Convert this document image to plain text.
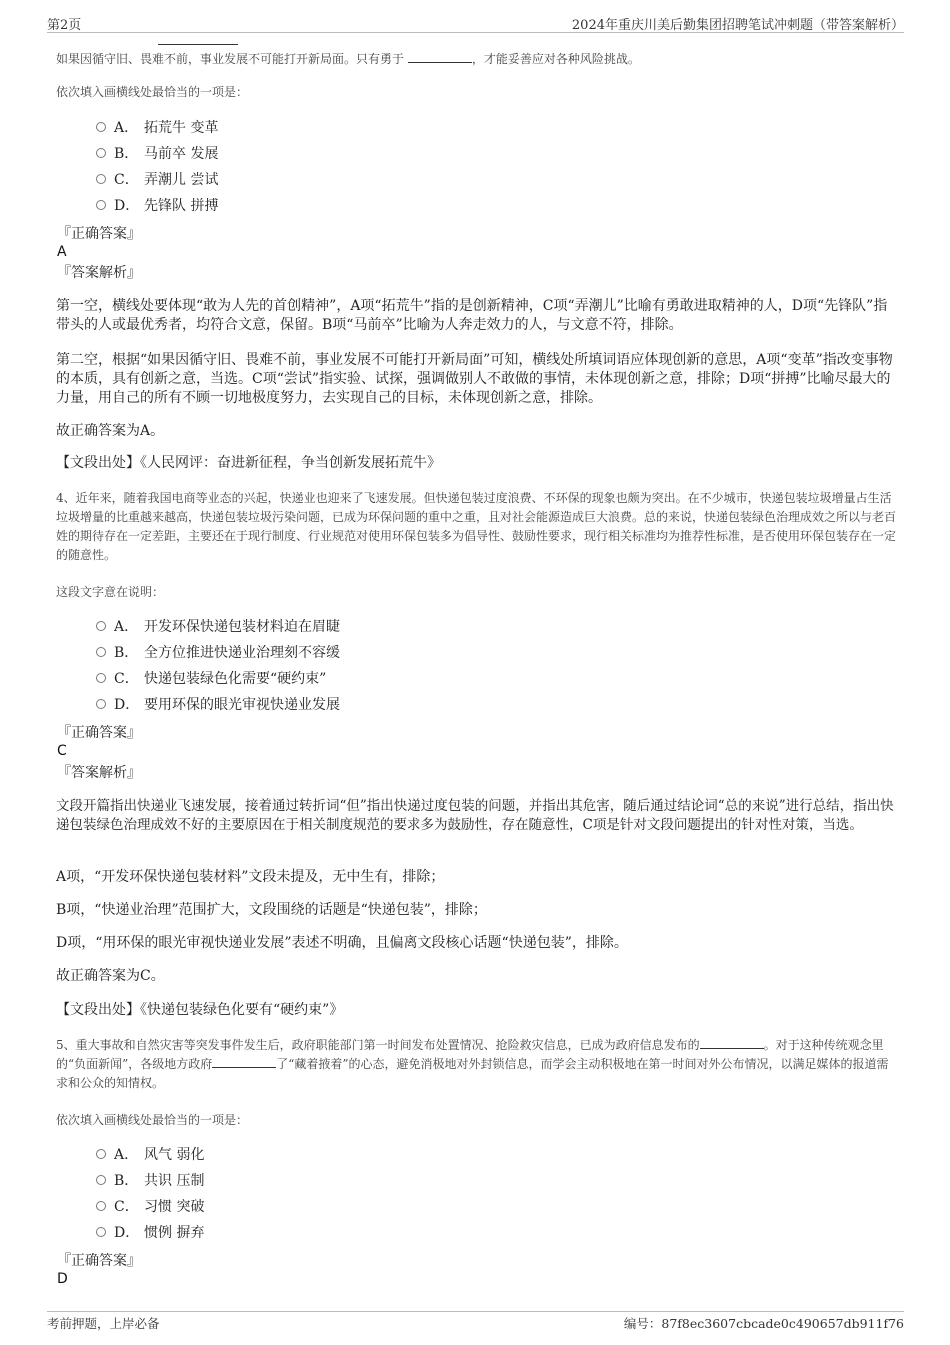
第2页	2024年重庆川美后勤集团招聘笔试冲刺题（带答案解析）
如果因循守旧、畏难不前，事业发展不可能打开新局面。只有勇于	，才能妥善应对各种风险挑战。
依次填入画横线处最恰当的一项是：
A． 拓荒牛 变革
B． 马前卒 发展
C． 弄潮儿 尝试
D． 先锋队 拼搏
『正确答案』
A
『答案解析』
第一空，横线处要体现“敢为人先的首创精神”，A项“拓荒牛”指的是创新精神，C项“弄潮儿”比喻有勇敢进取精神的人，D项“先锋队”指带头的人或最优秀者，均符合文意，保留。B项“马前卒”比喻为人奔走效力的人，与文意不符，排除。
第二空，根据“如果因循守旧、畏难不前，事业发展不可能打开新局面”可知，横线处所填词语应体现创新的意思，A项“变革”指改变事物的本质，具有创新之意，当选。C项“尝试”指实验、试探，强调做别人不敢做的事情，未体现创新之意，排除；D项“拼搏”比喻尽最大的力量，用自己的所有不顾一切地极度努力，去实现自己的目标，未体现创新之意，排除。
故正确答案为A。
【文段出处】《人民网评：奋进新征程，争当创新发展拓荒牛》
4、近年来，随着我国电商等业态的兴起，快递业也迎来了飞速发展。但快递包装过度浪费、不环保的现象也颇为突出。在不少城市，快递包装垃圾增量占生活垃圾增量的比重越来越高，快递包装垃圾污染问题，已成为环保问题的重中之重，且对社会能源造成巨大浪费。总的来说，快递包装绿色治理成效之所以与老百姓的期待存在一定差距，主要还在于现行制度、行业规范对使用环保包装多为倡导性、鼓励性要求，现行相关标准均为推荐性标准，是否使用环保包装存在一定的随意性。
这段文字意在说明：
A． 开发环保快递包装材料迫在眉睫
B． 全方位推进快递业治理刻不容缓
C． 快递包装绿色化需要“硬约束”
D． 要用环保的眼光审视快递业发展
『正确答案』
C
『答案解析』
文段开篇指出快递业飞速发展，接着通过转折词“但”指出快递过度包装的问题，并指出其危害，随后通过结论词“总的来说”进行总结，指出快递包装绿色治理成效不好的主要原因在于相关制度规范的要求多为鼓励性，存在随意性，C项是针对文段问题提出的针对性对策，当选。
A项，“开发环保快递包装材料”文段未提及，无中生有，排除；
B项，“快递业治理”范围扩大，文段围绕的话题是“快递包装”，排除；
D项，“用环保的眼光审视快递业发展”表述不明确，且偏离文段核心话题“快递包装”，排除。
故正确答案为C。
【文段出处】《快递包装绿色化要有“硬约束”》
5、重大事故和自然灾害等突发事件发生后，政府职能部门第一时间发布处置情况、抢险救灾信息，已成为政府信息发布的	。对于这种传统观念里的“负面新闻”，各级地方政府	了“藏着掖着”的心态，避免消极地对外封锁信息，而学会主动积极地在第一时间对外公布情况，以满足媒体的报道需求和公众的知情权。
依次填入画横线处最恰当的一项是：
A． 风气 弱化
B． 共识 压制
C． 习惯 突破
D． 惯例 摒弃
『正确答案』
D
考前押题，上岸必备	编号：87f8ec3607cbcade0c490657db911f76
